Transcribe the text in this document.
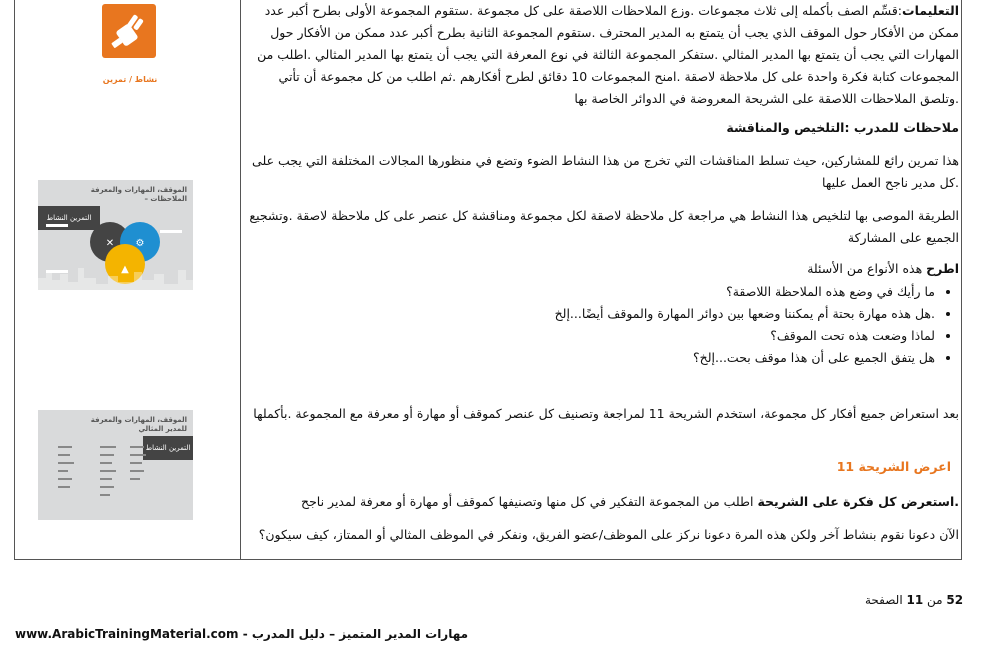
نشاط / تمرين
الموقف، المهارات والمعرفة
الملاحظات –
التمرين النشاط
✕ ⚙
▲
الموقف، المهارات والمعرفة
للمدير المثالي
التمرين النشاط

التعليمات:قسِّم الصف بأكمله إلى ثلاث مجموعات .وزع الملاحظات اللاصقة على كل مجموعة .ستقوم المجموعة الأولى بطرح أكبر عدد ممكن من الأفكار حول الموقف الذي يجب أن يتمتع به المدير المحترف .ستقوم المجموعة الثانية بطرح أكبر عدد ممكن من الأفكار حول المهارات التي يجب أن يتمتع بها المدير المثالي .ستفكر المجموعة الثالثة في نوع المعرفة التي يجب أن يتمتع بها المدير المثالي .اطلب من المجموعات كتابة فكرة واحدة على كل ملاحظة لاصقة .امنح المجموعات 10 دقائق لطرح أفكارهم .ثم اطلب من كل مجموعة أن تأتي .وتلصق الملاحظات اللاصقة على الشريحة المعروضة في الدوائر الخاصة بها

ملاحظات للمدرب :التلخيص والمناقشة

هذا تمرين رائع للمشاركين، حيث تسلط المناقشات التي تخرج من هذا النشاط الضوء وتضع في منظورها المجالات المختلفة التي يجب على .كل مدير ناجح العمل عليها

الطريقة الموصى بها لتلخيص هذا النشاط هي مراجعة كل ملاحظة لاصقة لكل مجموعة ومناقشة كل عنصر على كل ملاحظة لاصقة .وتشجيع الجميع على المشاركة

اطرح هذه الأنواع من الأسئلة

• ما رأيك في وضع هذه الملاحظة اللاصقة؟
• .هل هذه مهارة بحتة أم يمكننا وضعها بين دوائر المهارة والموقف أيضًا...إلخ
• لماذا وضعت هذه تحت الموقف؟
• هل يتفق الجميع على أن هذا موقف بحت...إلخ؟

بعد استعراض جميع أفكار كل مجموعة، استخدم الشريحة 11 لمراجعة وتصنيف كل عنصر كموقف أو مهارة أو معرفة مع المجموعة .بأكملها

اعرض الشريحة 11

.استعرض كل فكرة على الشريحة اطلب من المجموعة التفكير في كل منها وتصنيفها كموقف أو مهارة أو معرفة لمدير ناجح

الآن دعونا نقوم بنشاط آخر ولكن هذه المرة دعونا نركز على الموظف/عضو الفريق، ونفكر في الموظف المثالي أو الممتاز، كيف سيكون؟

52 من 11 الصفحة
www.ArabicTrainingMaterial.com - مهارات المدير المتميز – دليل المدرب
